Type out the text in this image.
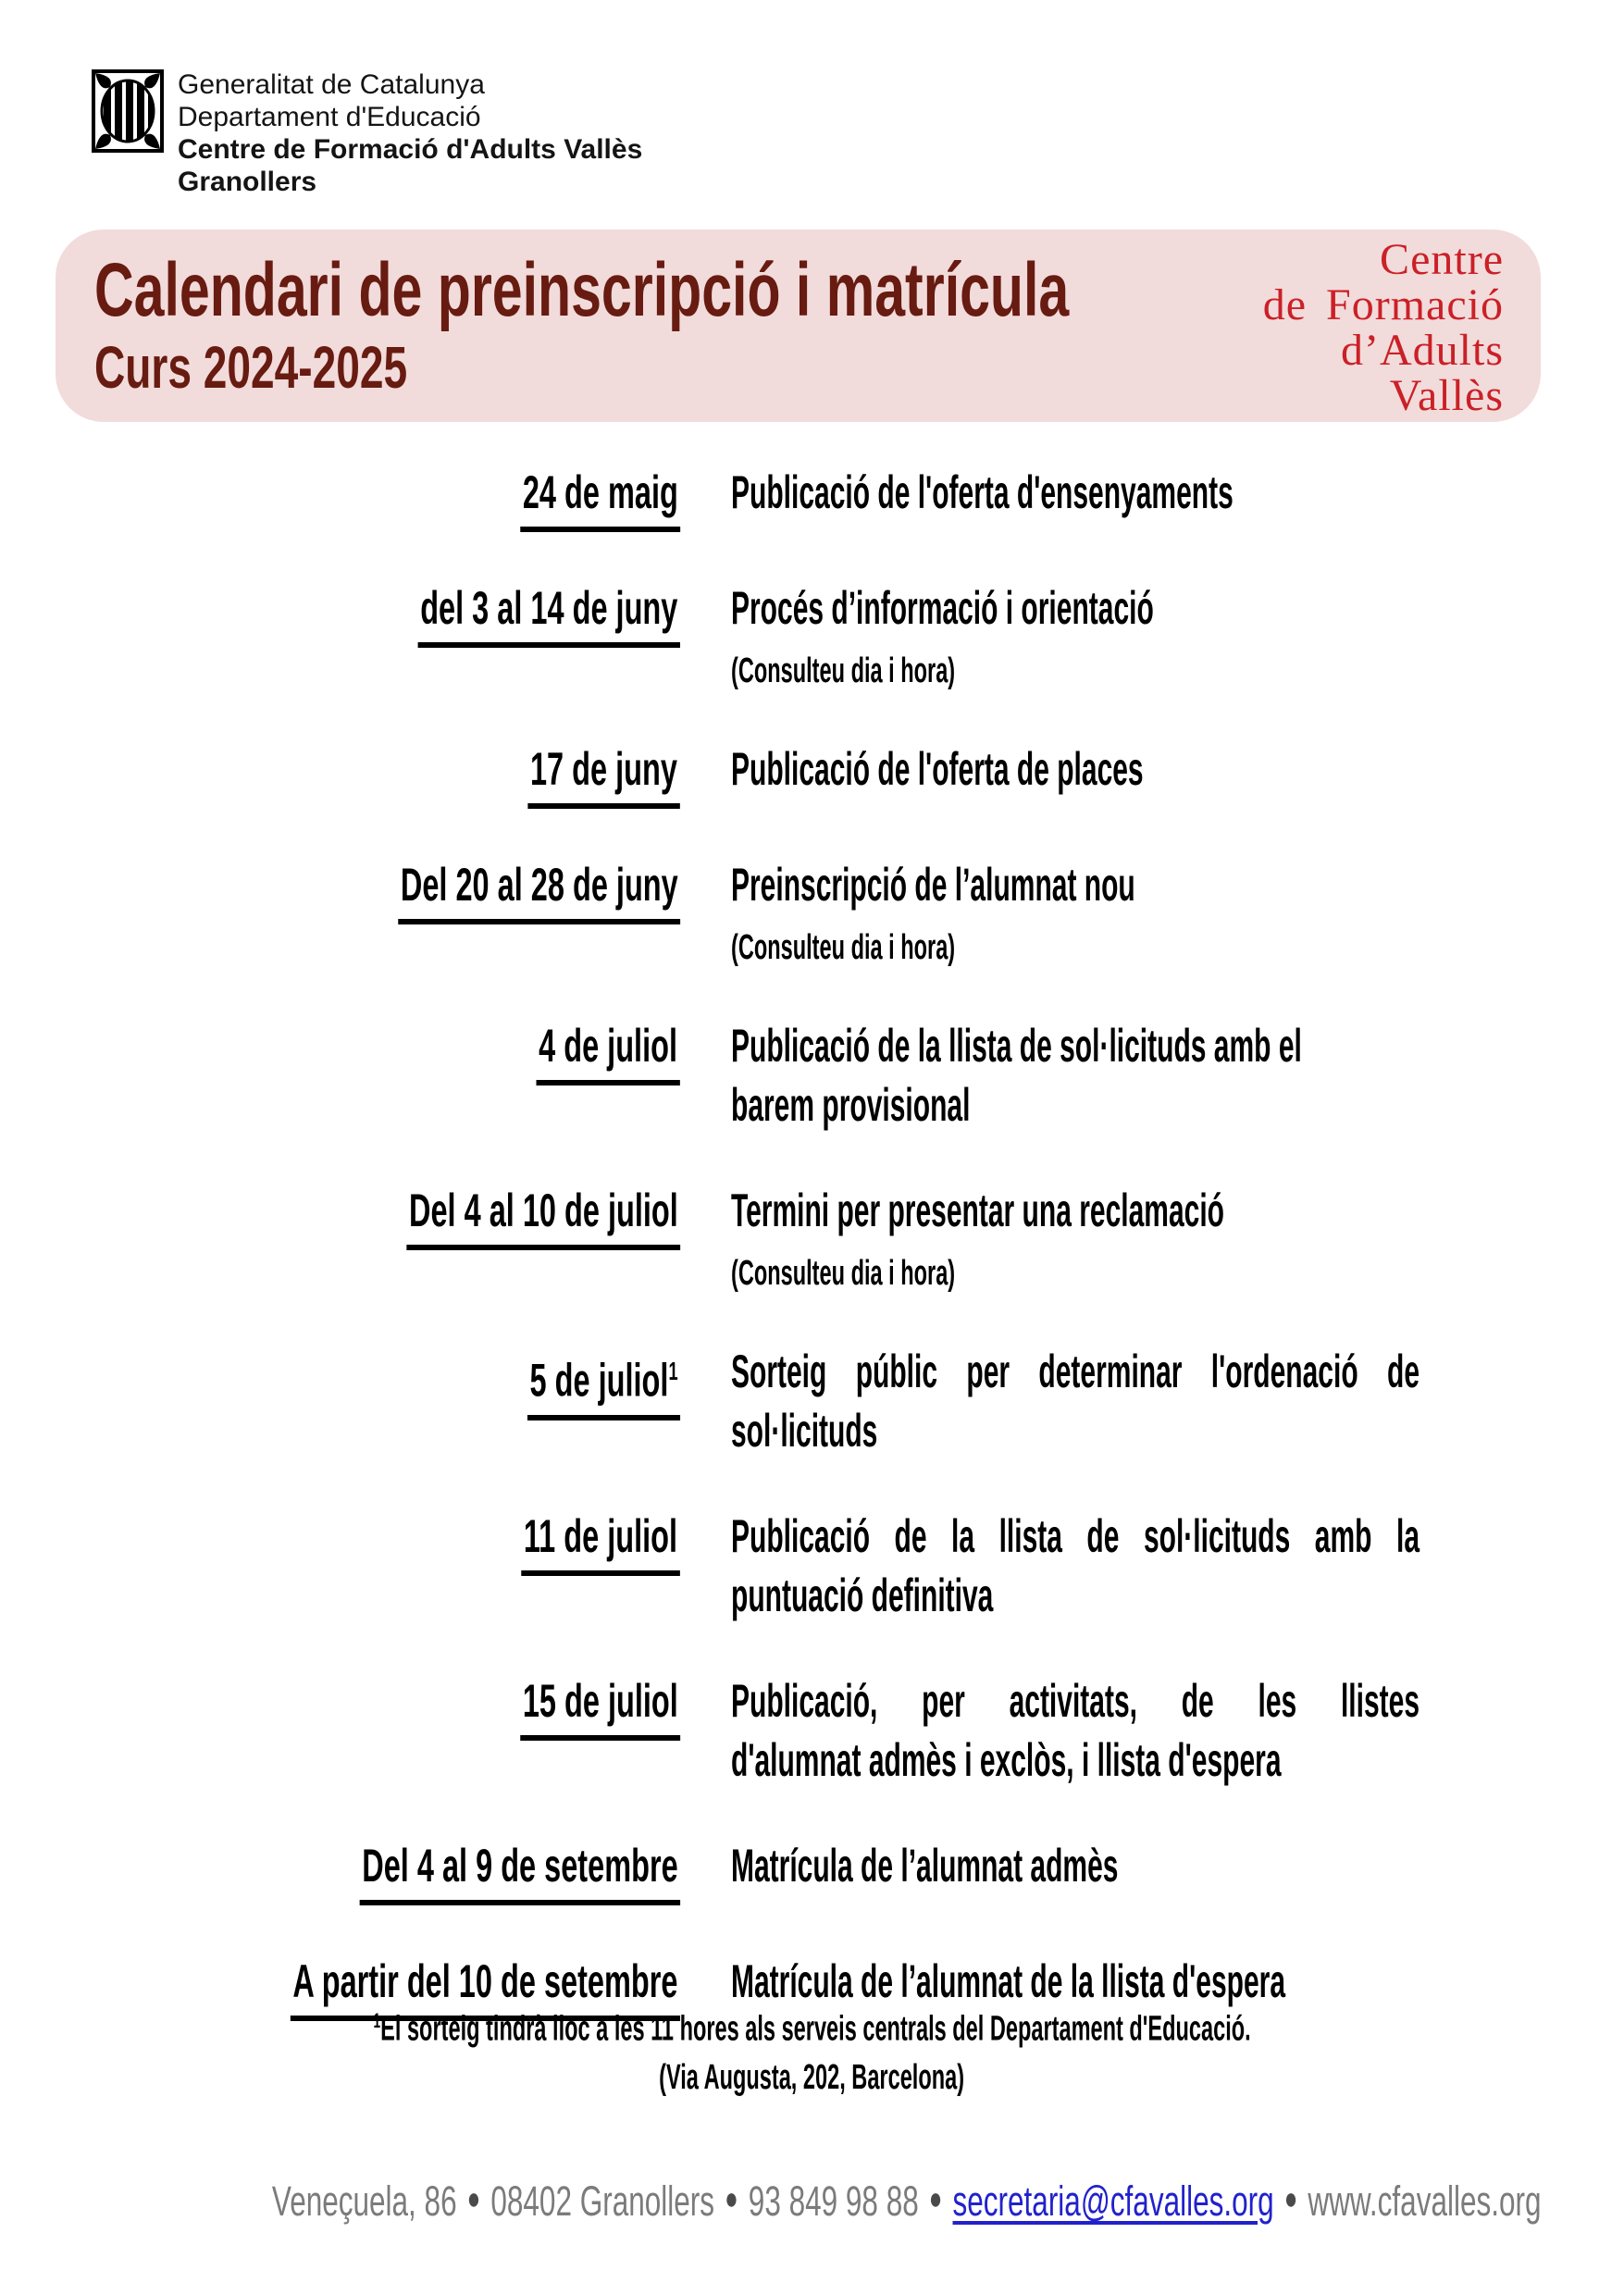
Generalitat de Catalunya
Departament d'Educació
Centre de Formació d'Adults Vallès
Granollers
Calendari de preinscripció i matrícula
Curs 2024-2025
Centre
de Formació
d’Adults
Vallès
24 de maig Publicació de l'oferta d'ensenyaments
del 3 al 14 de juny Procés d’informació i orientació
(Consulteu dia i hora)
17 de juny Publicació de l'oferta de places
Del 20 al 28 de juny Preinscripció de l’alumnat nou
(Consulteu dia i hora)
4 de juliol Publicació de la llista de sol·licituds amb el
barem provisional
Del 4 al 10 de juliol Termini per presentar una reclamació
(Consulteu dia i hora)
5 de juliol$^1$ Sorteig públic per determinar l'ordenació de
sol·licituds
11 de juliol Publicació de la llista de sol·licituds amb la
puntuació definitiva
15 de juliol Publicació, per activitats, de les llistes
d'alumnat admès i exclòs, i llista d'espera
Del 4 al 9 de setembre Matrícula de l’alumnat admès
A partir del 10 de setembre Matrícula de l’alumnat de la llista d'espera
$^1$El sorteig tindrà lloc a les 11 hores als serveis centrals del Departament d'Educació.
(Via Augusta, 202, Barcelona)
Veneçuela, 86 ● 08402 Granollers ● 93 849 98 88 ● secretaria@cfavalles.org ● www.cfavalles.org
